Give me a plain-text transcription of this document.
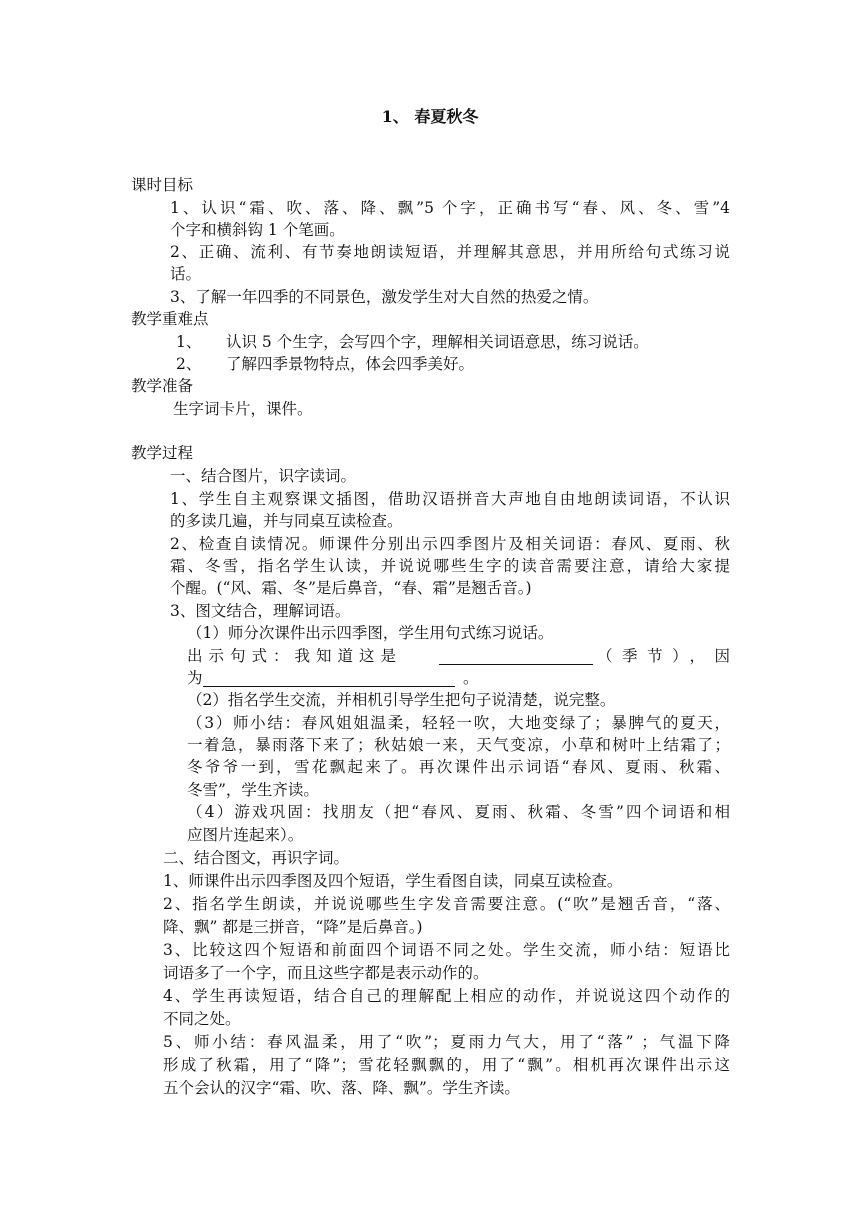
1、 春夏秋冬
课时目标
1、认识“霜、吹、落、降、飘”5 个字，正确书写“春、风、冬、雪”4
个字和横斜钩 1 个笔画。
2、正确、流利、有节奏地朗读短语，并理解其意思，并用所给句式练习说
话。
3、了解一年四季的不同景色，激发学生对大自然的热爱之情。
教学重难点
1、     认识 5 个生字，会写四个字，理解相关词语意思，练习说话。
2、     了解四季景物特点，体会四季美好。
教学准备
生字词卡片，课件。
教学过程
一、结合图片，识字读词。
1、学生自主观察课文插图，借助汉语拼音大声地自由地朗读词语，不认识
的多读几遍，并与同桌互读检查。
2、检查自读情况。师课件分别出示四季图片及相关词语：春风、夏雨、秋
霜、冬雪，指名学生认读，并说说哪些生字的读音需要注意，请给大家提
个醒。(“风、霜、冬”是后鼻音，“春、霜”是翘舌音。)
3、图文结合，理解词语。
（1）师分次课件出示四季图，学生用句式练习说话。
出示句式：我知道这是	（季节），因
为	。
（2）指名学生交流，并相机引导学生把句子说清楚，说完整。
（3）师小结：春风姐姐温柔，轻轻一吹，大地变绿了；暴脾气的夏天，
一着急，暴雨落下来了；秋姑娘一来，天气变凉，小草和树叶上结霜了；
冬爷爷一到，雪花飘起来了。再次课件出示词语“春风、夏雨、秋霜、
冬雪”，学生齐读。
（4）游戏巩固：找朋友（把“春风、夏雨、秋霜、冬雪”四个词语和相
应图片连起来）。
二、结合图文，再识字词。
1、师课件出示四季图及四个短语，学生看图自读，同桌互读检查。
2、指名学生朗读，并说说哪些生字发音需要注意。(“吹”是翘舌音，“落、
降、飘” 都是三拼音，“降”是后鼻音。)
3、比较这四个短语和前面四个词语不同之处。学生交流，师小结：短语比
词语多了一个字，而且这些字都是表示动作的。
4、学生再读短语，结合自己的理解配上相应的动作，并说说这四个动作的
不同之处。
5、师小结：春风温柔，用了“吹”；夏雨力气大，用了“落” ；气温下降
形成了秋霜，用了“降”；雪花轻飘飘的，用了“飘”。相机再次课件出示这
五个会认的汉字“霜、吹、落、降、飘”。学生齐读。
